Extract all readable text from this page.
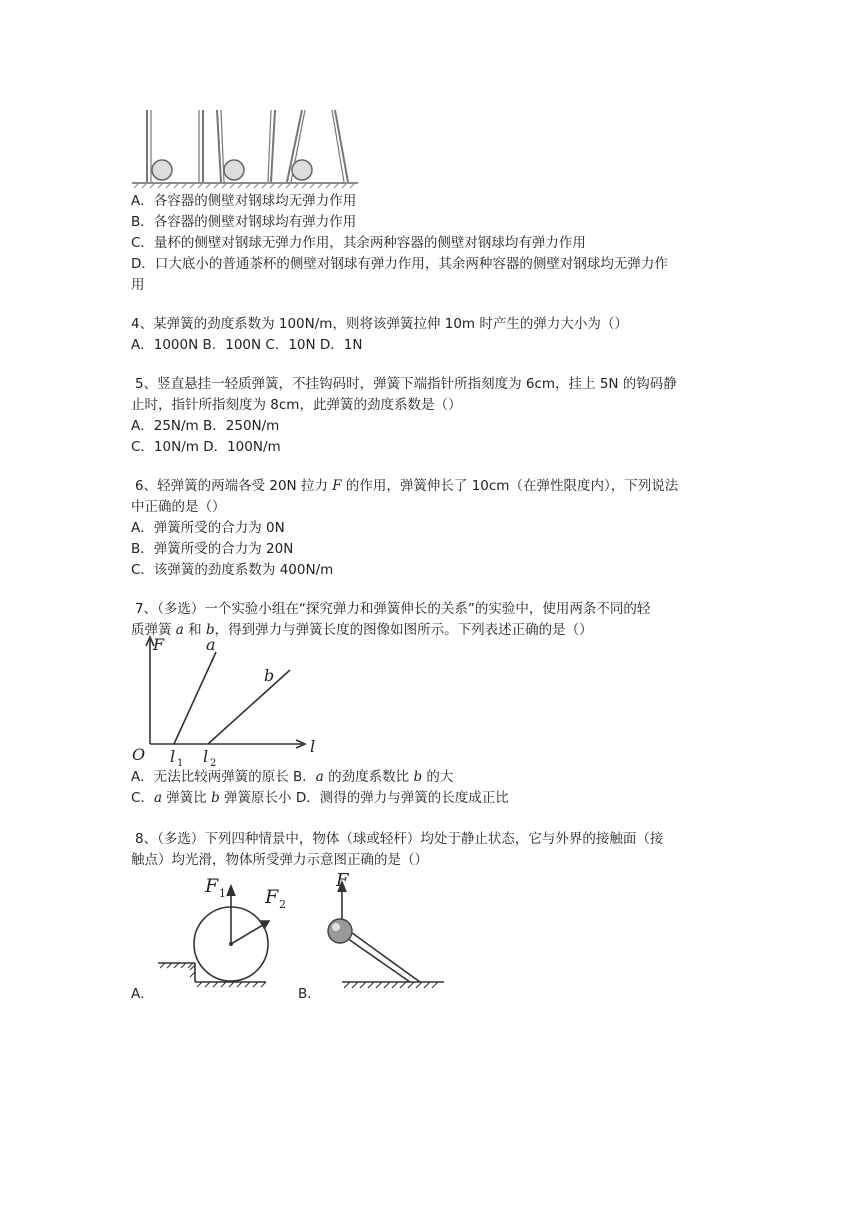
A．各容器的侧壁对钢球均无弹力作用
B．各容器的侧壁对钢球均有弹力作用
C．量杯的侧壁对钢球无弹力作用，其余两种容器的侧壁对钢球均有弹力作用
D．口大底小的普通茶杯的侧壁对钢球有弹力作用，其余两种容器的侧壁对钢球均无弹力作
用
4、某弹簧的劲度系数为 100N/m，则将该弹簧拉伸 10m 时产生的弹力大小为（）
A．1000N B．100N C．10N D．1N
5、竖直悬挂一轻质弹簧，不挂钩码时，弹簧下端指针所指刻度为 6cm，挂上 5N 的钩码静
止时，指针所指刻度为 8cm，此弹簧的劲度系数是（）
A．25N/m B．250N/m
C．10N/m D．100N/m
6、轻弹簧的两端各受 20N 拉力 F 的作用，弹簧伸长了 10cm（在弹性限度内），下列说法
中正确的是（）
A．弹簧所受的合力为 0N
B．弹簧所受的合力为 20N
C．该弹簧的劲度系数为 400N/m
7、（多选）一个实验小组在“探究弹力和弹簧伸长的关系”的实验中，使用两条不同的轻
质弹簧 a 和 b，得到弹力与弹簧长度的图像如图所示。下列表述正确的是（）
F
O	l
l 1 l 2
a
b
A．无法比较两弹簧的原长 B．a 的劲度系数比 b 的大
C．a 弹簧比 b 弹簧原长小 D．测得的弹力与弹簧的长度成正比
8、（多选）下列四种情景中，物体（球或轻杆）均处于静止状态，它与外界的接触面（接
触点）均光滑，物体所受弹力示意图正确的是（）
F 1 F 2
A．
F
B．
